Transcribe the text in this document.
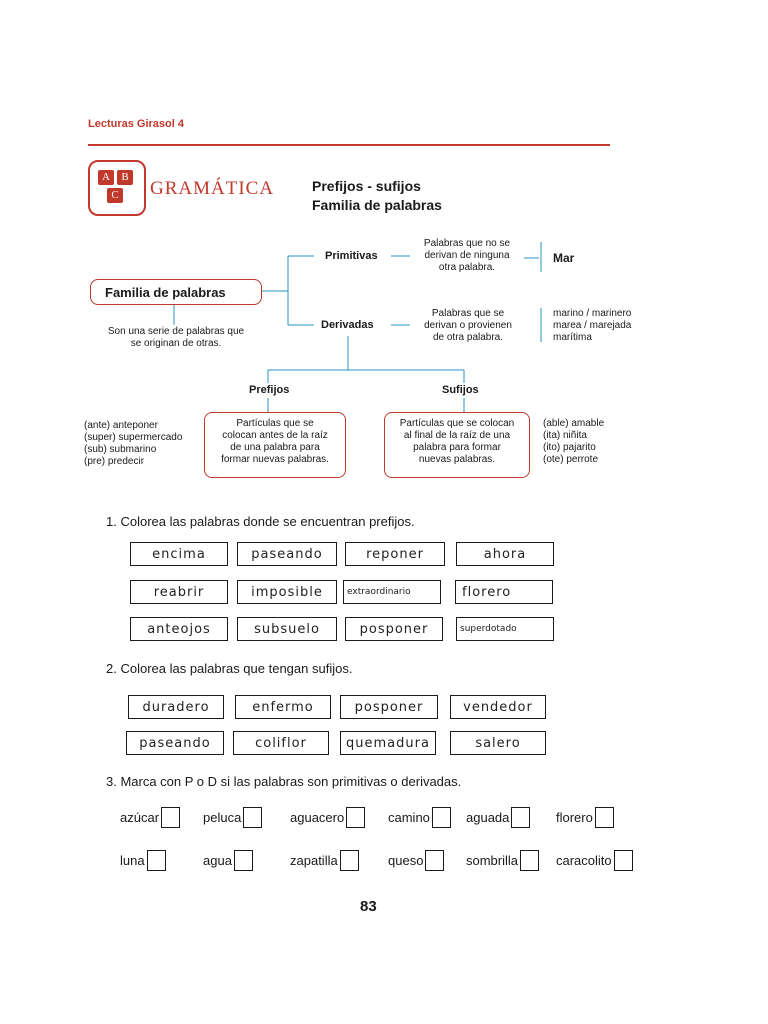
Lecturas Girasol 4
A	B
C GRAMÁTICA	Prefijos - sufijos
Familia de palabras
Familia de palabras
Son una serie de palabras que
se originan de otras.
Primitivas
Palabras que no se
derivan de ninguna
otra palabra.
Mar
Derivadas
Palabras que se
derivan o provienen
de otra palabra.
marino / marinero
marea / marejada
marítima
Prefijos	Sufijos
(ante) anteponer
(super) supermercado
(sub) submarino
(pre) predecir
Partículas que se
colocan antes de la raíz
de una palabra para
formar nuevas palabras.
Partículas que se colocan
al final de la raíz de una
palabra para formar
nuevas palabras.
(able) amable
(ita) niñita
(ito) pajarito
(ote) perrote
1. Colorea las palabras donde se encuentran prefijos.
encima	paseando	reponer	ahora
reabrir	imposible	extraordinario	florero
anteojos	subsuelo	posponer	superdotado
2. Colorea las palabras que tengan sufijos.
duradero	enfermo	posponer	vendedor
paseando	coliflor	quemadura	salero
3. Marca con P o D si las palabras son primitivas o derivadas.
azúcar	peluca	aguacero	camino	aguada	florero
luna	agua	zapatilla	queso	sombrilla	caracolito
83
